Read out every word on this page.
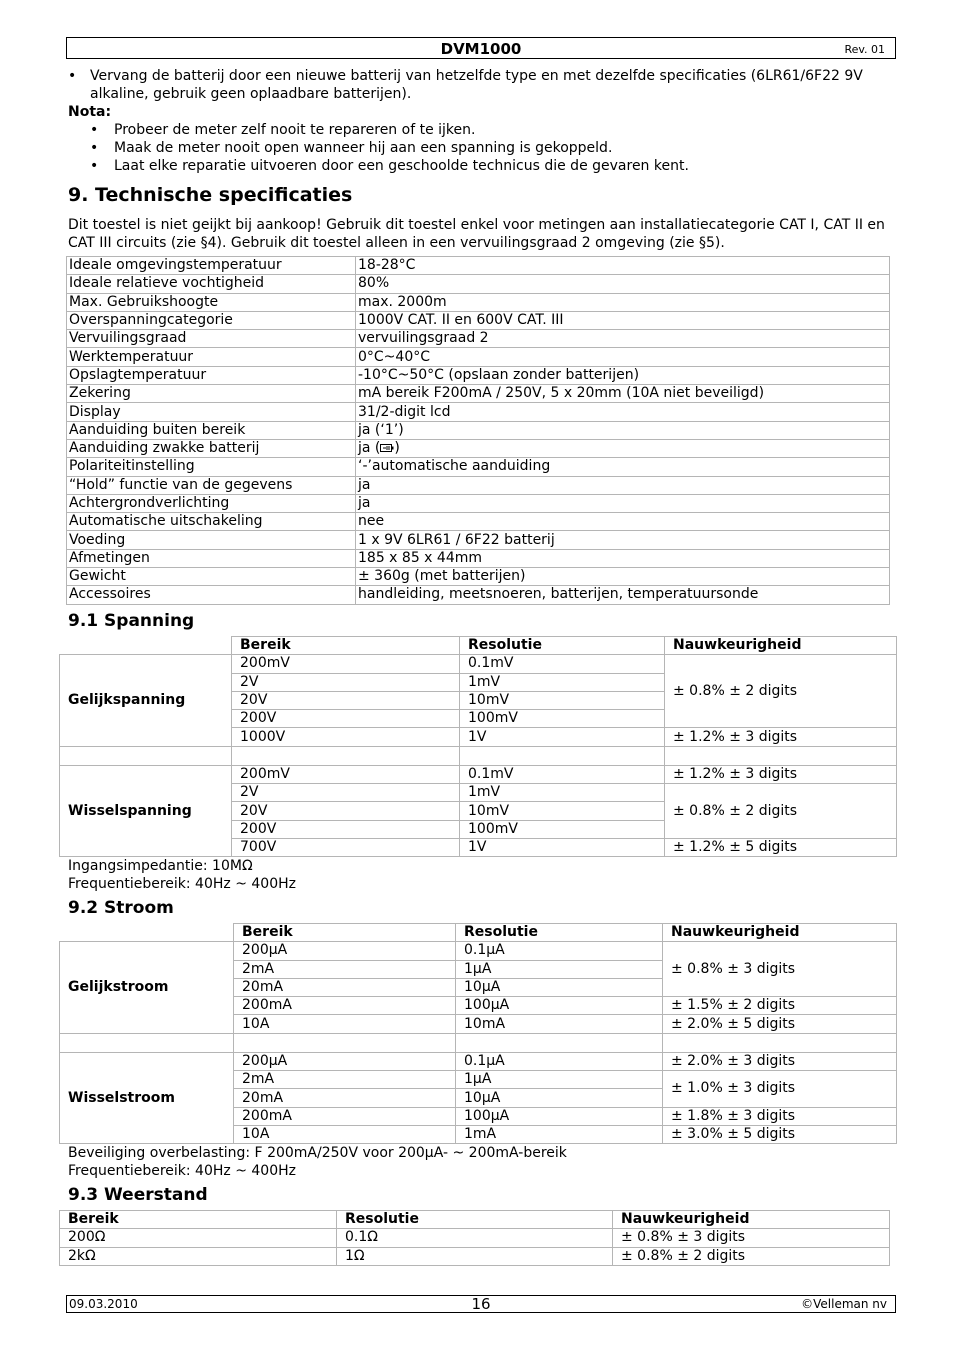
DVM1000	Rev. 01
• Vervang de batterij door een nieuwe batterij van hetzelfde type en met dezelfde specificaties (6LR61/6F22 9V alkaline, gebruik geen oplaadbare batterijen).
Nota:
• Probeer de meter zelf nooit te repareren of te ijken.
• Maak de meter nooit open wanneer hij aan een spanning is gekoppeld.
• Laat elke reparatie uitvoeren door een geschoolde technicus die de gevaren kent.
9. Technische specificaties
Dit toestel is niet geijkt bij aankoop! Gebruik dit toestel enkel voor metingen aan installatiecategorie CAT I, CAT II en CAT III circuits (zie §4). Gebruik dit toestel alleen in een vervuilingsgraad 2 omgeving (zie §5).
Ideale omgevingstemperatuur	18-28°C
Ideale relatieve vochtigheid	80%
Max. Gebruikshoogte	max. 2000m
Overspanningcategorie	1000V CAT. II en 600V CAT. III
Vervuilingsgraad	vervuilingsgraad 2
Werktemperatuur	0°C~40°C
Opslagtemperatuur	-10°C~50°C (opslaan zonder batterijen)
Zekering	mA bereik F200mA / 250V, 5 x 20mm (10A niet beveiligd)
Display	31/2-digit lcd
Aanduiding buiten bereik	ja (‘1’)
Aanduiding zwakke batterij	ja ( )
Polariteitinstelling	‘-’automatische aanduiding
“Hold” functie van de gegevens	ja
Achtergrondverlichting	ja
Automatische uitschakeling	nee
Voeding	1 x 9V 6LR61 / 6F22 batterij
Afmetingen	185 x 85 x 44mm
Gewicht	± 360g (met batterijen)
Accessoires	handleiding, meetsnoeren, batterijen, temperatuursonde
9.1 Spanning
	Bereik	Resolutie	Nauwkeurigheid
Gelijkspanning	200mV	0.1mV	± 0.8% ± 2 digits
	2V	1mV	
	20V	10mV	
	200V	100mV	
	1000V	1V	± 1.2% ± 3 digits

Wisselspanning	200mV	0.1mV	± 1.2% ± 3 digits
	2V	1mV	± 0.8% ± 2 digits
	20V	10mV	
	200V	100mV	
	700V	1V	± 1.2% ± 5 digits
Ingangsimpedantie: 10MΩ
Frequentiebereik: 40Hz ~ 400Hz
9.2 Stroom
	Bereik	Resolutie	Nauwkeurigheid
Gelijkstroom	200µA	0.1µA	± 0.8% ± 3 digits
	2mA	1µA	
	20mA	10µA	
	200mA	100µA	± 1.5% ± 2 digits
	10A	10mA	± 2.0% ± 5 digits

Wisselstroom	200µA	0.1µA	± 2.0% ± 3 digits
	2mA	1µA	± 1.0% ± 3 digits
	20mA	10µA	
	200mA	100µA	± 1.8% ± 3 digits
	10A	1mA	± 3.0% ± 5 digits
Beveiliging overbelasting: F 200mA/250V voor 200µA- ~ 200mA-bereik
Frequentiebereik: 40Hz ~ 400Hz
9.3 Weerstand
Bereik	Resolutie	Nauwkeurigheid
200Ω	0.1Ω	± 0.8% ± 3 digits
2kΩ	1Ω	± 0.8% ± 2 digits
09.03.2010	16	©Velleman nv
